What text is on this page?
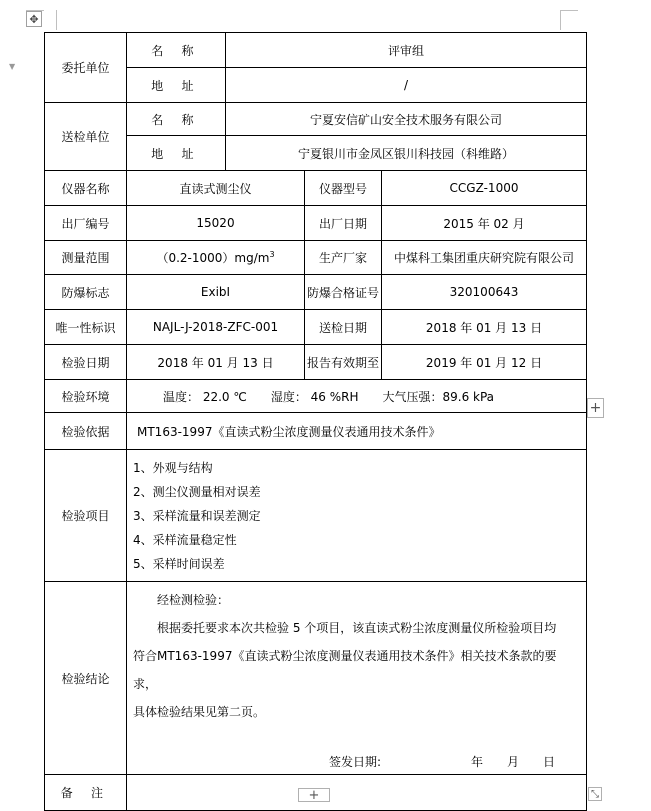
✥
▼
+
+	⤡
委托单位	名 称	评审组		
	地 址	/		
送检单位	名 称	宁夏安信矿山安全技术服务有限公司		
	地 址	宁夏银川市金凤区银川科技园（科维路）		
仪器名称	直读式测尘仪		仪器型号	CCGZ-1000
出厂编号	15020		出厂日期	2015 年 02 月
测量范围	$(0.2-1000)mg/m^3$		生产厂家	中煤科工集团重庆研究院有限公司
防爆标志	ExibI		防爆合格证号	320100643
唯一性标识	NAJL-J-2018-ZFC-001		送检日期	2018 年 01 月 13 日
检验日期	2018 年 01 月 13 日		报告有效期至	2019 年 01 月 12 日
检验环境	温度： 22.0 ℃ 湿度： 46 %RH 大气压强：89.6 kPa			
检验依据	MT163-1997《直读式粉尘浓度测量仪表通用技术条件》			
检验项目	1、外观与结构
2、测尘仪测量相对误差
3、采样流量和误差测定
4、采样流量稳定性
5、采样时间误差			

检验结论	经检测检验：
根据委托要求本次共检验 5 个项目，该直读式粉尘浓度测量仪所检验项目均
符合MT163-1997《直读式粉尘浓度测量仪表通用技术条件》相关技术条款的要求，
具体检验结果见第二页。
签发日期: 年 月 日			

备 注				
